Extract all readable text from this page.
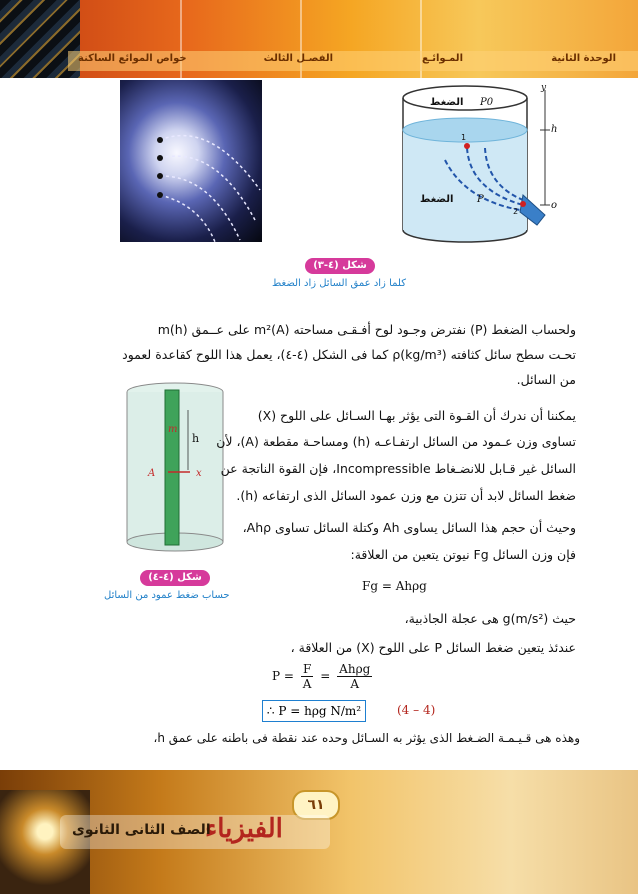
الوحدة الثانية
المـوائـع
الفصـل الثالث
خواص الموائع الساكنة
الضغط P0
الضغط P
h
y
o
1
2
شكل (٤-٣)
كلما زاد عمق السائل زاد الضغط
ولحساب الضغط (P) نفترض وجـود لوح أفـقـى مساحته (A)m² على عــمق (h)m
تحـت سطح سائل كثافته ρ(kg/m³) كما فى الشكل (٤-٤)، يعمل هذا اللوح كقاعدة لعمود
من السائل.
m
h
A	x
شكل (٤-٤)
حساب ضغط عمود من السائل
يمكننا أن ندرك أن القـوة التى يؤثر بهـا السـائل على اللوح (X)
تساوى وزن عـمود من السائل ارتفـاعـه (h) ومساحـة مقطعة (A)، لأن
السائل غير قـابل للانضـغاط Incompressible، فإن القوة الناتجة عن
ضغط السائل لابد أن تتزن مع وزن عمود السائل الذى ارتفاعه (h).
وحيث أن حجم هذا السائل يساوى Ah وكتلة السائل تساوى Ahρ،
فإن وزن السائل Fg نيوتن يتعين من العلاقة:
Fg = Ahρg
حيث g(m/s²) هى عجلة الجاذبية،
عندئذ يتعين ضغط السائل P على اللوح (X) من العلاقة ،
$P = \frac{F}{A} = \frac{\text{Ahρg}}{A}$
∴ P = hρg N/m²	(4 – 4)
وهذه هى قـيـمـة الضـغط الذى يؤثر به السـائل وحده عند نقطة فى باطنه على عمق h،
٦١
الفيزياء
الصف الثانى الثانوى
